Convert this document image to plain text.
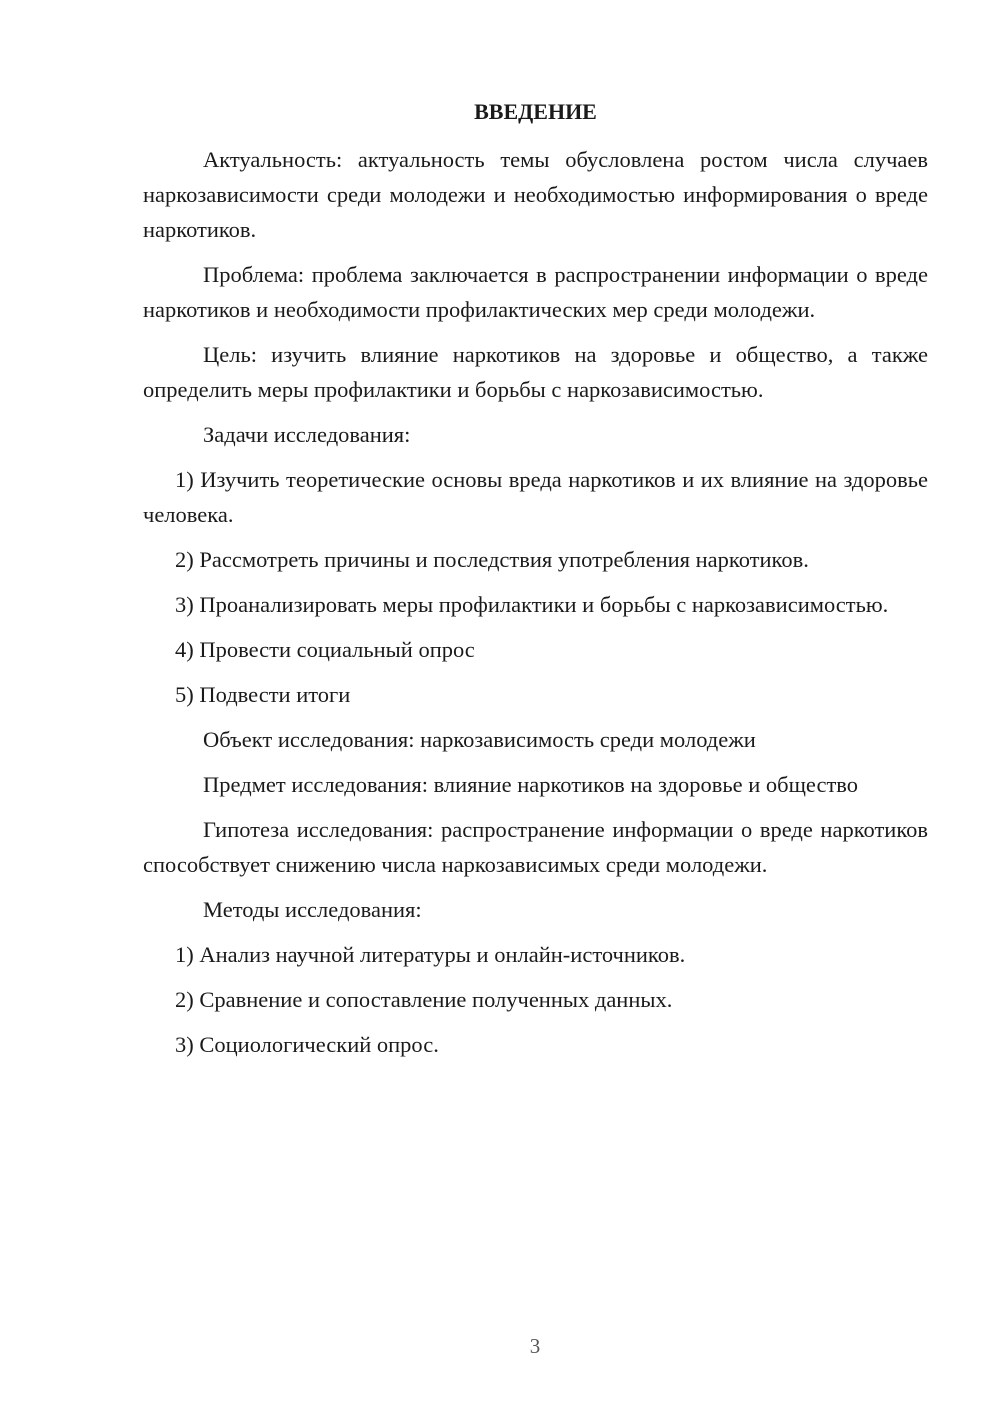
ВВЕДЕНИЕ

Актуальность: актуальность темы обусловлена ростом числа случаев наркозависимости среди молодежи и необходимостью информирования о вреде наркотиков.

Проблема: проблема заключается в распространении информации о вреде наркотиков и необходимости профилактических мер среди молодежи.

Цель: изучить влияние наркотиков на здоровье и общество, а также определить меры профилактики и борьбы с наркозависимостью.

Задачи исследования:

1) Изучить теоретические основы вреда наркотиков и их влияние на здоровье человека.

2) Рассмотреть причины и последствия употребления наркотиков.

3) Проанализировать меры профилактики и борьбы с наркозависимостью.

4) Провести социальный опрос

5) Подвести итоги

Объект исследования: наркозависимость среди молодежи

Предмет исследования: влияние наркотиков на здоровье и общество

Гипотеза исследования: распространение информации о вреде наркотиков способствует снижению числа наркозависимых среди молодежи.

Методы исследования:

1) Анализ научной литературы и онлайн-источников.

2) Сравнение и сопоставление полученных данных.

3) Социологический опрос.

3
